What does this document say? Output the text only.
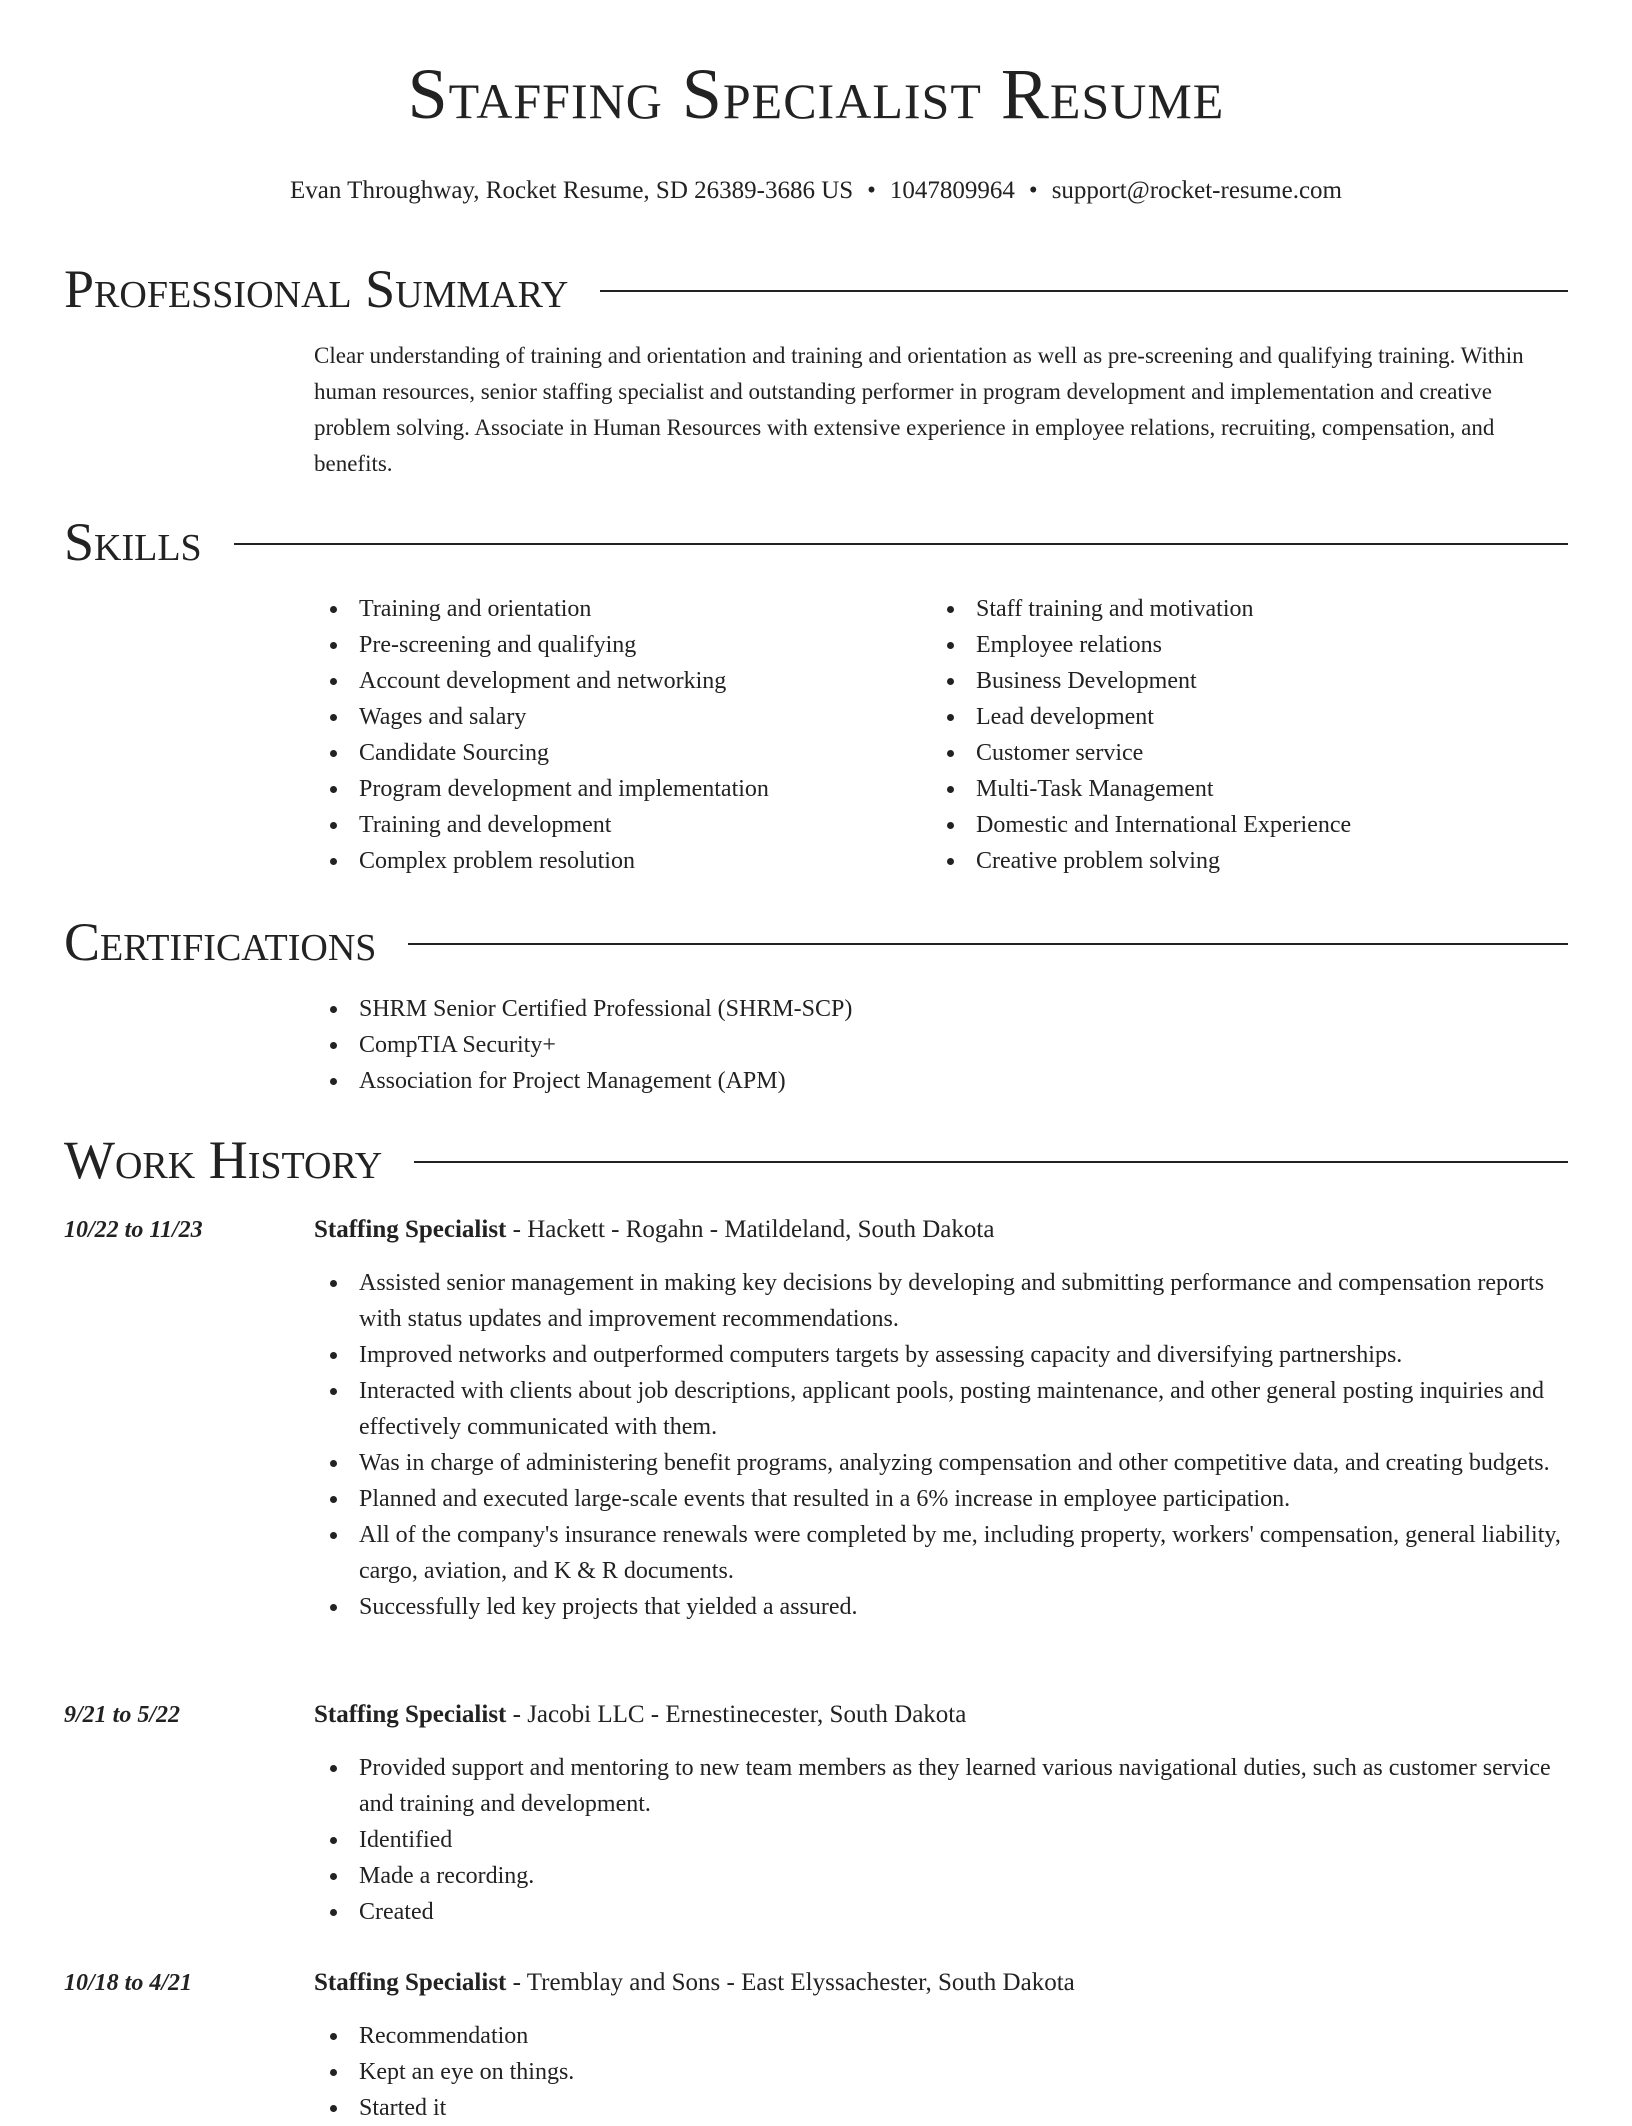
Staffing Specialist Resume
Evan Throughway, Rocket Resume, SD 26389-3686 US • 1047809964 • support@rocket-resume.com
Professional Summary
Clear understanding of training and orientation and training and orientation as well as pre-screening and qualifying training. Within human resources, senior staffing specialist and outstanding performer in program development and implementation and creative problem solving. Associate in Human Resources with extensive experience in employee relations, recruiting, compensation, and benefits.
Skills
Training and orientation
Pre-screening and qualifying
Account development and networking
Wages and salary
Candidate Sourcing
Program development and implementation
Training and development
Complex problem resolution
Staff training and motivation
Employee relations
Business Development
Lead development
Customer service
Multi-Task Management
Domestic and International Experience
Creative problem solving
Certifications
SHRM Senior Certified Professional (SHRM-SCP)
CompTIA Security+
Association for Project Management (APM)
Work History
10/22 to 11/23	Staffing Specialist - Hackett - Rogahn - Matildeland, South Dakota
Assisted senior management in making key decisions by developing and submitting performance and compensation reports with status updates and improvement recommendations.
Improved networks and outperformed computers targets by assessing capacity and diversifying partnerships.
Interacted with clients about job descriptions, applicant pools, posting maintenance, and other general posting inquiries and effectively communicated with them.
Was in charge of administering benefit programs, analyzing compensation and other competitive data, and creating budgets.
Planned and executed large-scale events that resulted in a 6% increase in employee participation.
All of the company's insurance renewals were completed by me, including property, workers' compensation, general liability, cargo, aviation, and K & R documents.
Successfully led key projects that yielded a assured.
9/21 to 5/22	Staffing Specialist - Jacobi LLC - Ernestinecester, South Dakota
Provided support and mentoring to new team members as they learned various navigational duties, such as customer service and training and development.
Identified
Made a recording.
Created
10/18 to 4/21	Staffing Specialist - Tremblay and Sons - East Elyssachester, South Dakota
Recommendation
Kept an eye on things.
Started it
